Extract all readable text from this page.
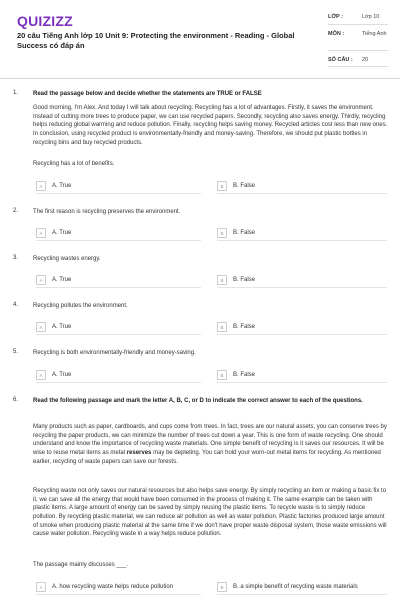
QUIZIZZ
20 câu Tiếng Anh lớp 10 Unit 9: Protecting the environment - Reading - Global Success có đáp án
LỚP :	Lớp 10
MÔN :	Tiếng Anh
SỐ CÂU : 20
1. Read the passage below and decide whether the statements are TRUE or FALSE
Good morning, I'm Alex. And today I will talk about recycling. Recycling has a lot of advantages. Firstly, it saves the environment. Instead of cutting more trees to produce paper, we can use recycled papers. Secondly, recycling also saves energy. Thirdly, recycling helps reducing global warming and reduce pollution. Finally, recycling helps saving money. Recycled articles cost less than new ones. In conclusion, using recycled product is environmentally-friendly and money-saving. Therefore, we should put plastic bottles in recycling bins and buy recycled products.
Recycling has a lot of benefits.
A	A. True	B	B. False
2. The first reason is recycling preserves the environment.
A	A. True	B	B. False
3. Recycling wastes energy.
A	A. True	B	B. False
4. Recycling pollutes the environment.
A	A. True	B	B. False
5. Recycling is both environmentally-friendly and money-saving.
A	A. True	B	B. False
6. Read the following passage and mark the letter A, B, C, or D to indicate the correct answer to each of the questions.
Many products such as paper, cardboards, and cups come from trees. In fact, trees are our natural assets, you can conserve trees by recycling the paper products, we can minimize the number of trees cut down a year. This is one form of waste recycling. One should understand and know the importance of recycling waste materials. One simple benefit of recycling is it saves our resources. It will be wise to reuse metal items as metal reserves may be depleting. You can hold your worn-out metal items for recycling. As mentioned earlier, recycling of waste papers can save our forests.
Recycling waste not only saves our natural resources but also helps save energy. By simply recycling an item or making a basic fix to it, we can save all the energy that would have been consumed in the process of making it. The same example can be taken with plastic items. A large amount of energy can be saved by simply reusing the plastic items. To recycle waste is to simply reduce pollution. By recycling plastic material, we can reduce air pollution as well as water pollution. Plastic factories produced large amount of smoke when producing plastic material at the same time if we don't have proper waste disposal system, those waste emissions will cause water pollution. Recycling waste in a way helps reduce pollution.
The passage mainly discusses ___.
A	A. how recycling waste helps reduce pollution	B	B. a simple benefit of recycling waste materials
